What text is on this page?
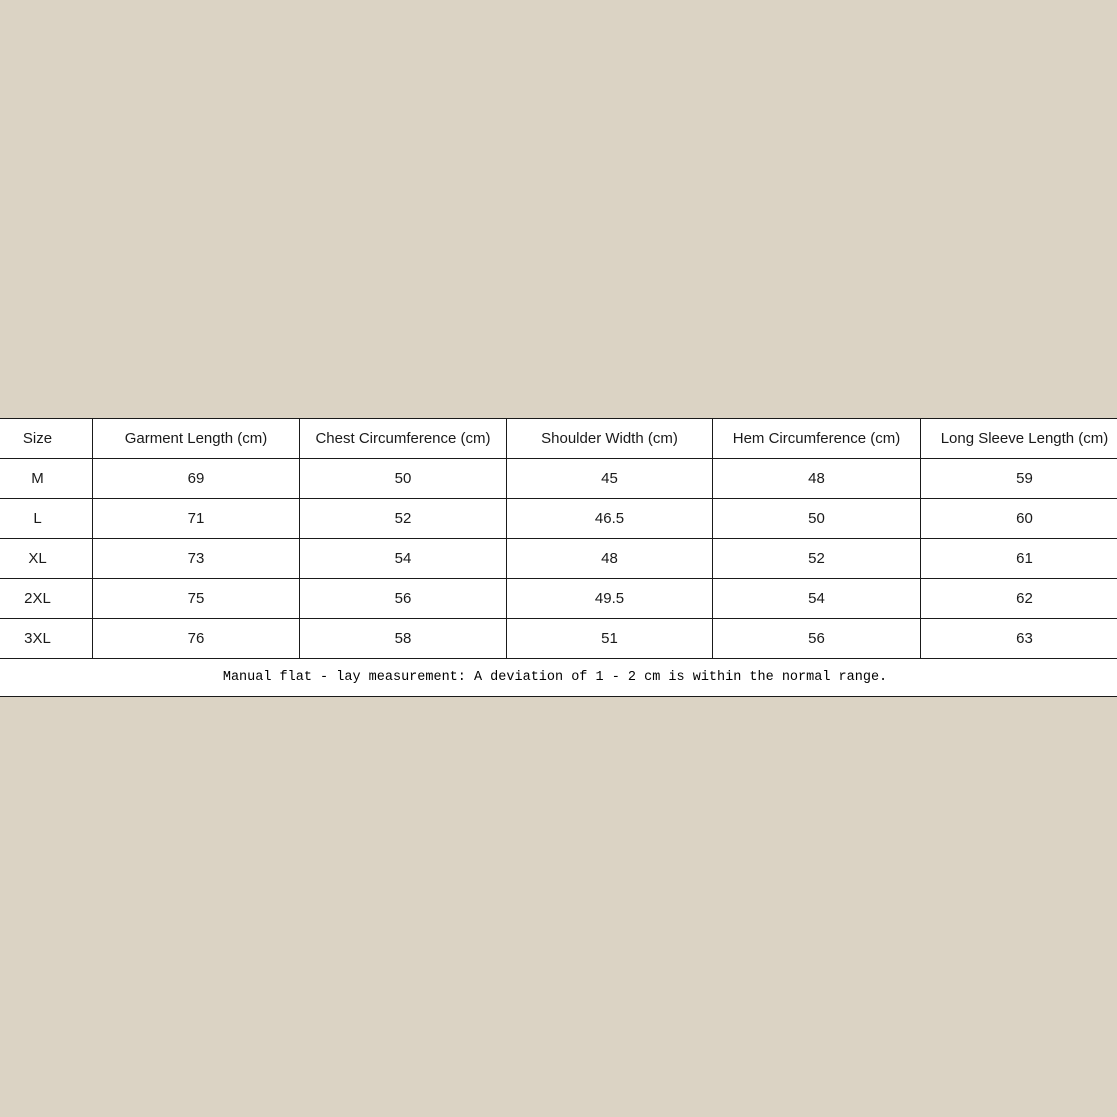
Size	Garment Length (cm)	Chest Circumference (cm)	Shoulder Width (cm)	Hem Circumference (cm)	Long Sleeve Length (cm)
M	69	50	45	48	59
L	71	52	46.5	50	60
XL	73	54	48	52	61
2XL	75	56	49.5	54	62
3XL	76	58	51	56	63
Manual flat - lay measurement: A deviation of 1 - 2 cm is within the normal range.
